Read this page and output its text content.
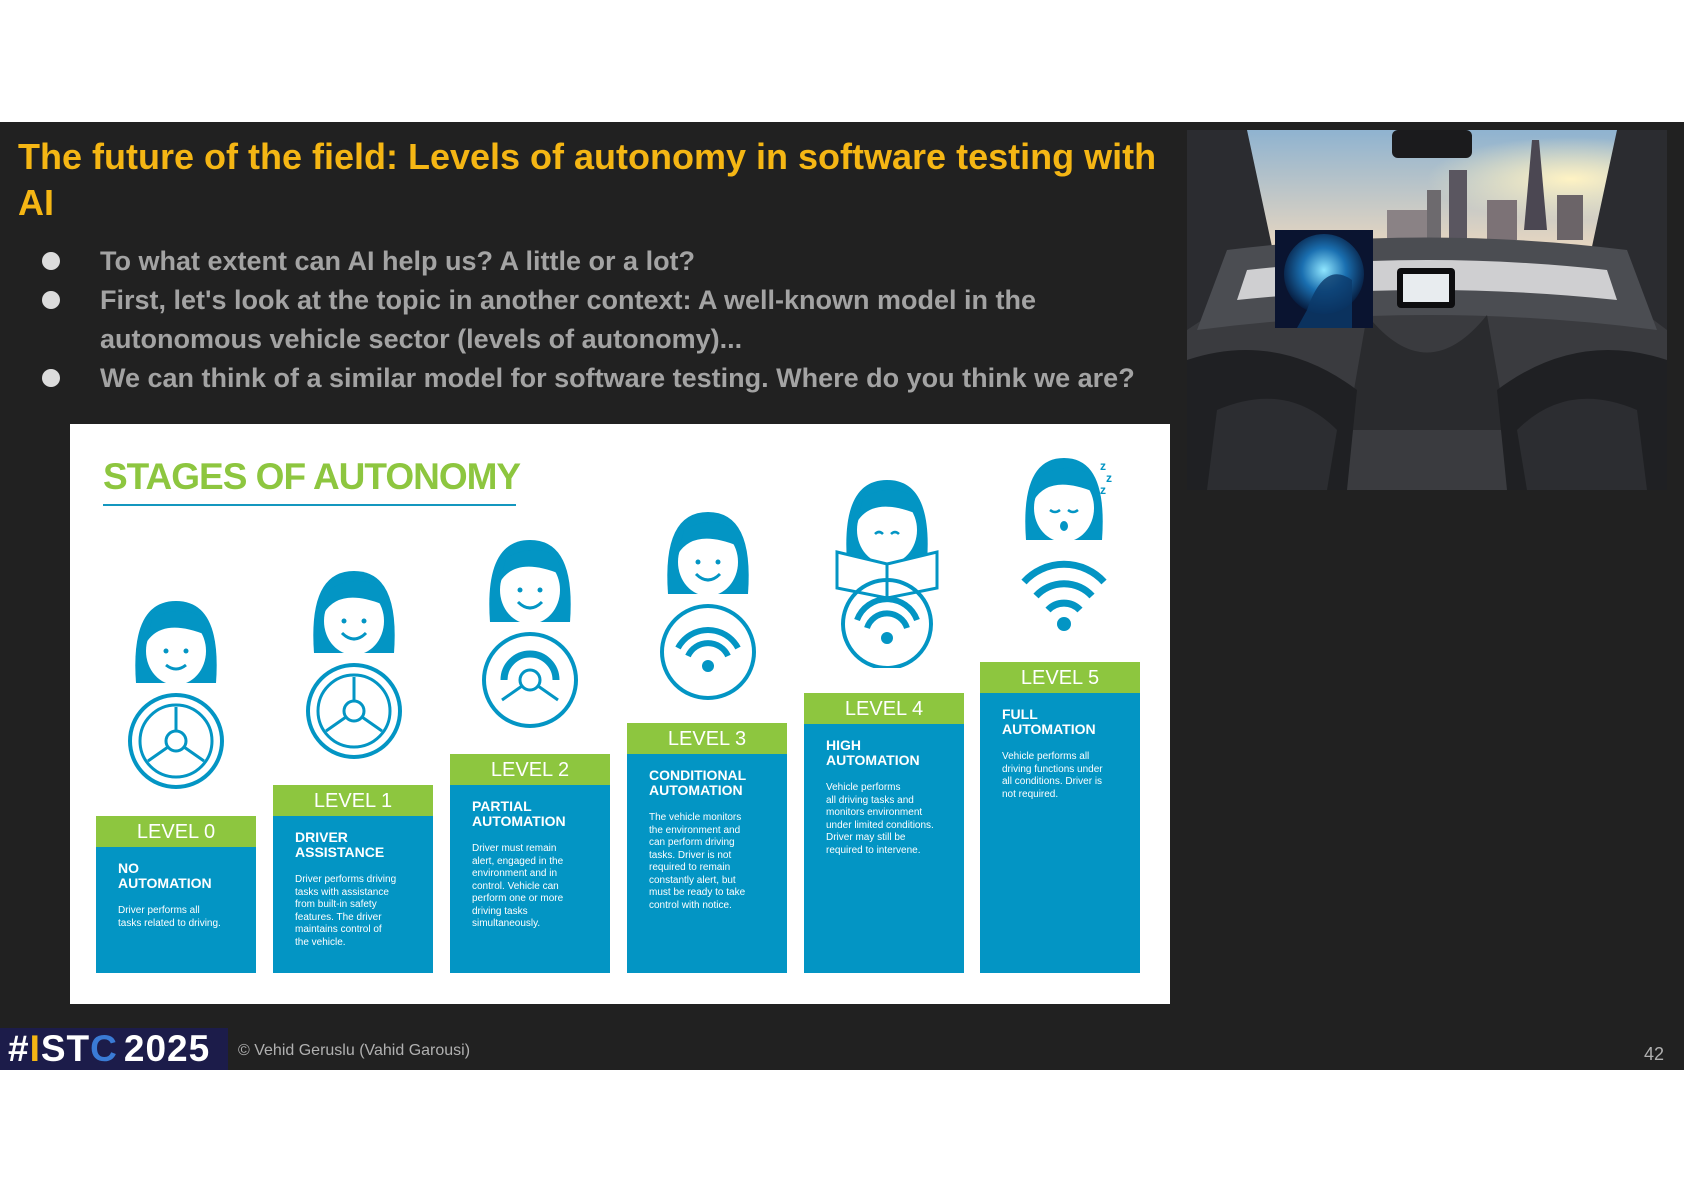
The future of the field: Levels of autonomy in software testing with AI
To what extent can AI help us? A little or a lot?
First, let's look at the topic in another context: A well-known model in the autonomous vehicle sector (levels of autonomy)...
We can think of a similar model for software testing. Where do you think we are?
STAGES OF AUTONOMY
LEVEL 0
NO
AUTOMATION
Driver performs all
tasks related to driving.
LEVEL 1
DRIVER
ASSISTANCE
Driver performs driving
tasks with assistance
from built-in safety
features. The driver
maintains control of
the vehicle.
LEVEL 2
PARTIAL
AUTOMATION
Driver must remain
alert, engaged in the
environment and in
control. Vehicle can
perform one or more
driving tasks
simultaneously.
LEVEL 3
CONDITIONAL
AUTOMATION
The vehicle monitors
the environment and
can perform driving
tasks. Driver is not
required to remain
constantly alert, but
must be ready to take
control with notice.
LEVEL 4
HIGH
AUTOMATION
Vehicle performs
all driving tasks and
monitors environment
under limited conditions.
Driver may still be
required to intervene.
z
z
z
LEVEL 5
FULL
AUTOMATION
Vehicle performs all
driving functions under
all conditions. Driver is
not required.
#ISTC 2025	© Vehid Geruslu (Vahid Garousi)	42
